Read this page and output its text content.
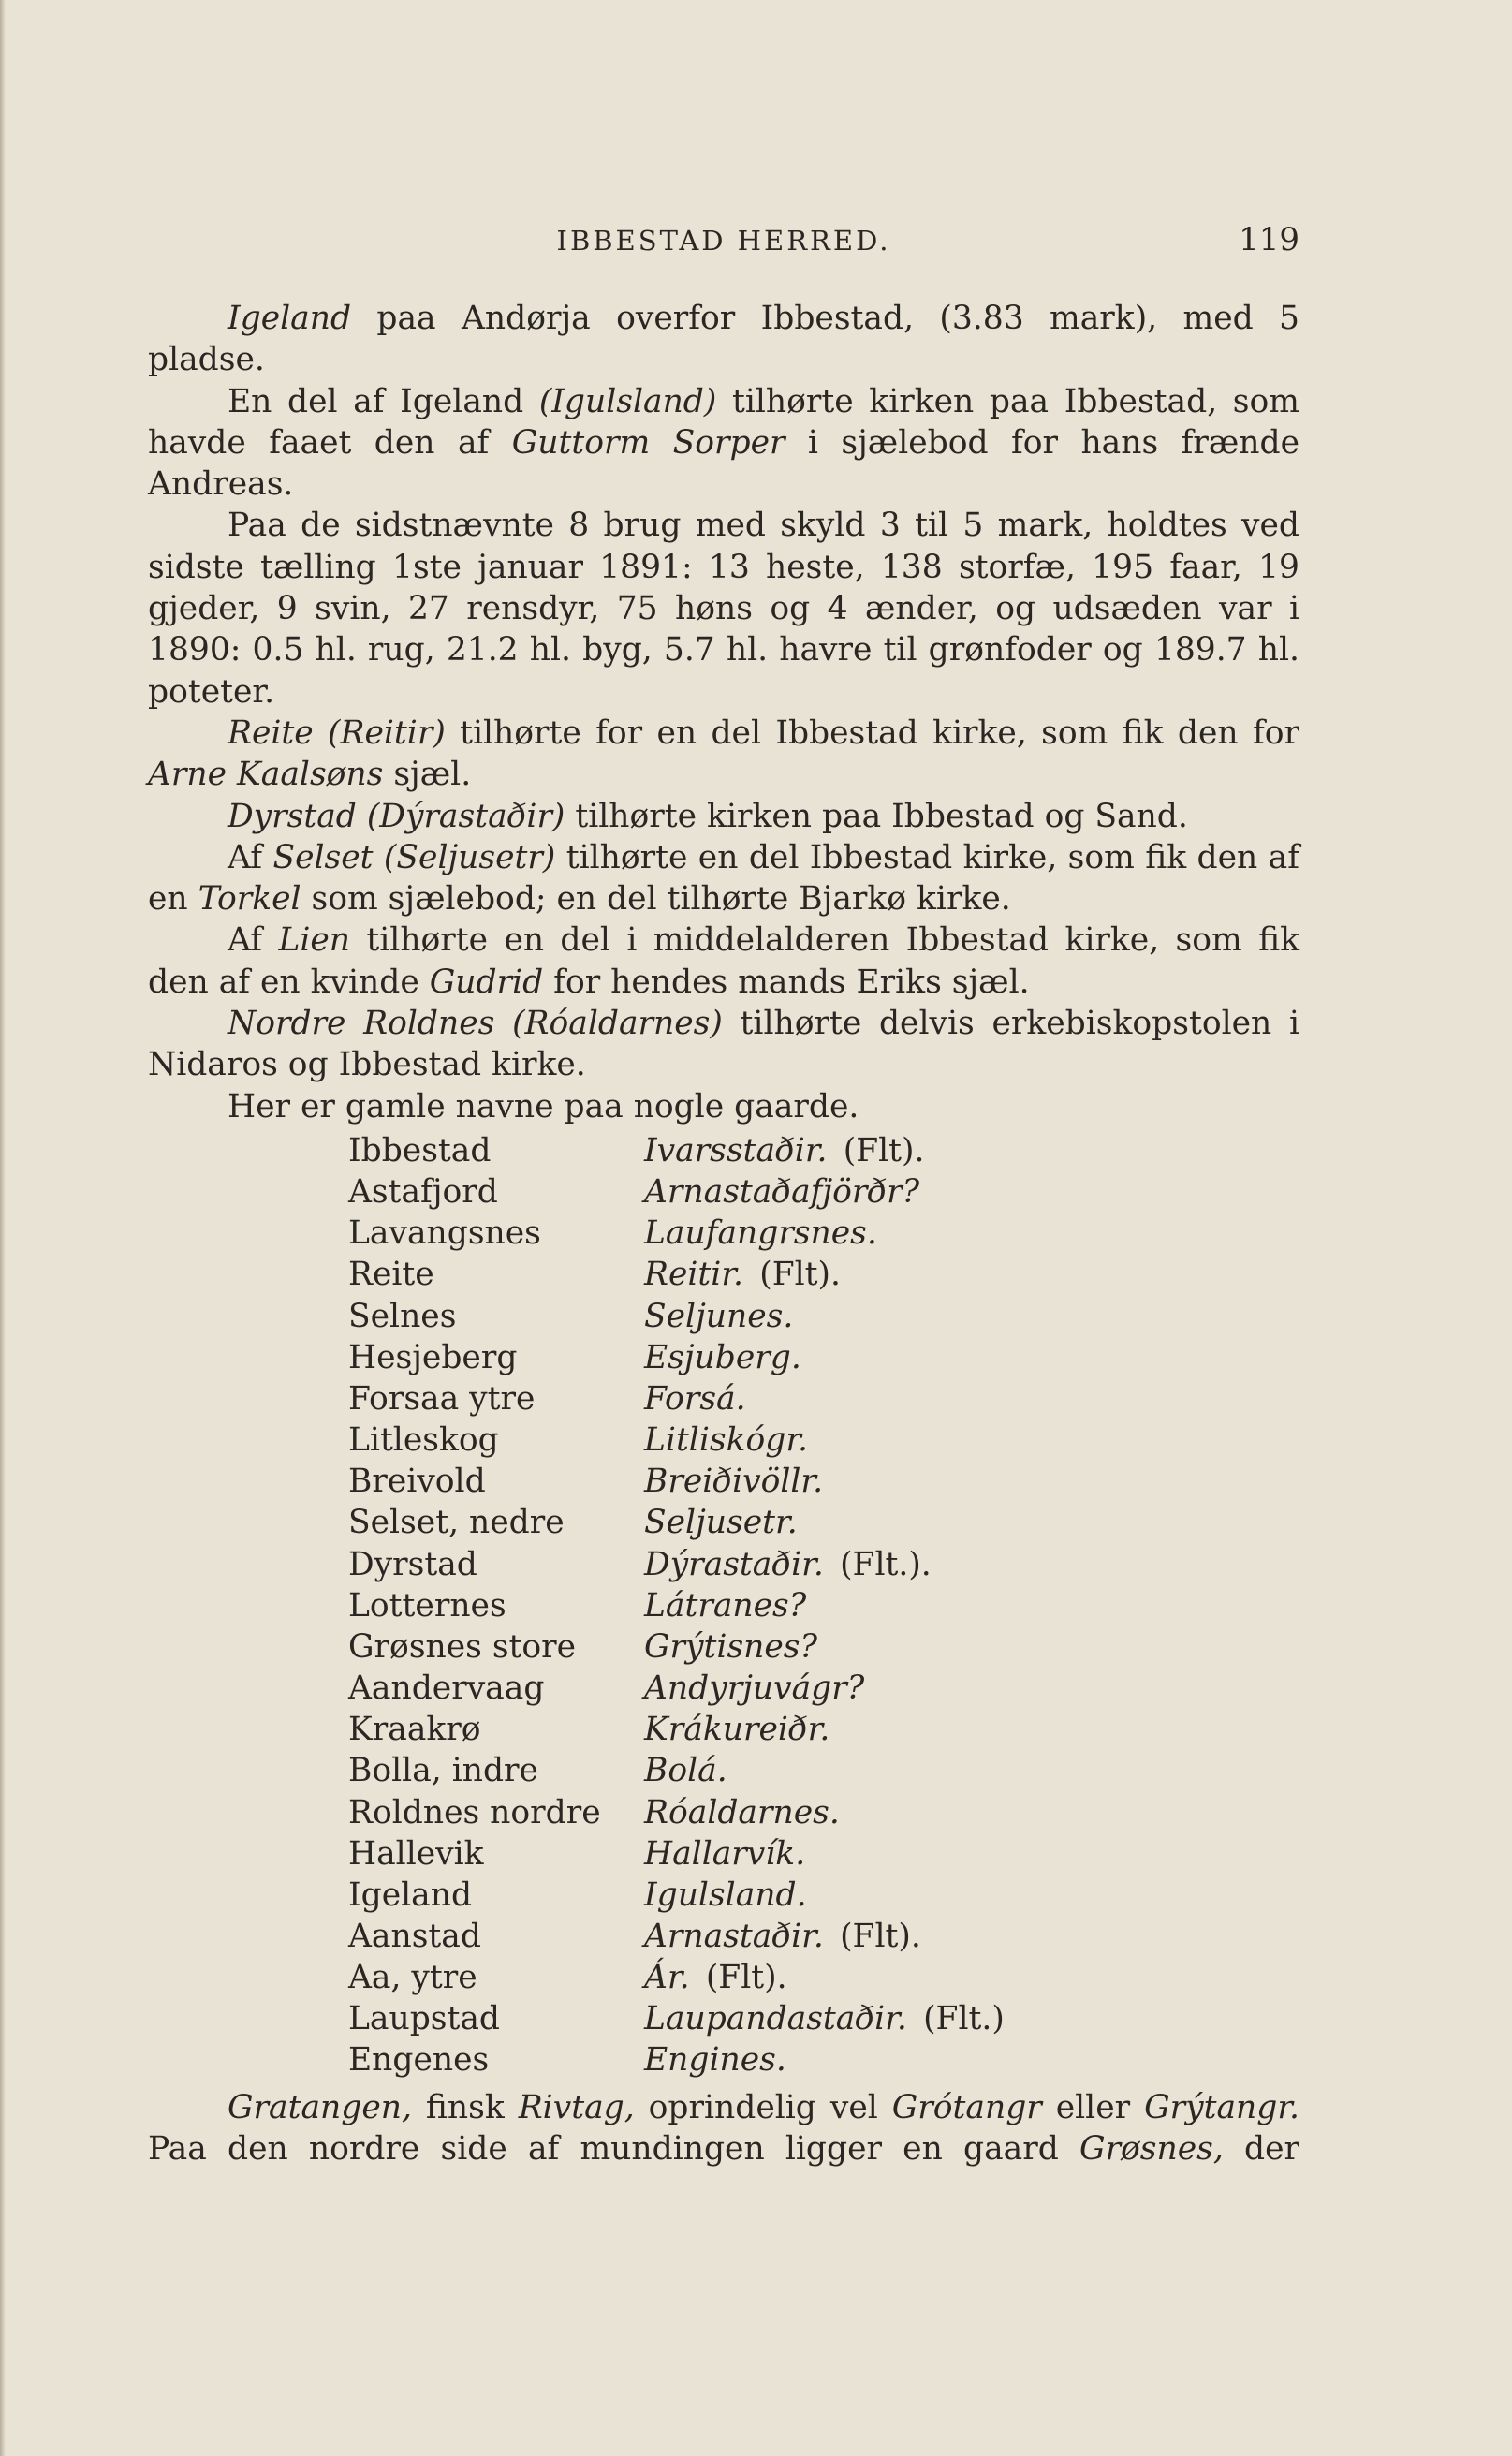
IBBESTAD HERRED.	119

Igeland paa Andørja overfor Ibbestad, (3.83 mark), med 5 pladse.

En del af Igeland (Igulsland) tilhørte kirken paa Ibbestad, som havde faaet den af Guttorm Sorper i sjælebod for hans frænde Andreas.

Paa de sidstnævnte 8 brug med skyld 3 til 5 mark, holdtes ved sidste tælling 1ste januar 1891: 13 heste, 138 storfæ, 195 faar, 19 gjeder, 9 svin, 27 rensdyr, 75 høns og 4 ænder, og udsæden var i 1890: 0.5 hl. rug, 21.2 hl. byg, 5.7 hl. havre til grønfoder og 189.7 hl. poteter.

Reite (Reitir) tilhørte for en del Ibbestad kirke, som fik den for Arne Kaalsøns sjæl.

Dyrstad (Dýrastaðir) tilhørte kirken paa Ibbestad og Sand.

Af Selset (Seljusetr) tilhørte en del Ibbestad kirke, som fik den af en Torkel som sjælebod; en del tilhørte Bjarkø kirke.

Af Lien tilhørte en del i middelalderen Ibbestad kirke, som fik den af en kvinde Gudrid for hendes mands Eriks sjæl.

Nordre Roldnes (Róaldarnes) tilhørte delvis erkebiskopstolen i Nidaros og Ibbestad kirke.

Her er gamle navne paa nogle gaarde.

Ibbestad	Ivarsstaðir. (Flt).
Astafjord	Arnastaðafjörðr?
Lavangsnes	Laufangrsnes.
Reite	Reitir. (Flt).
Selnes	Seljunes.
Hesjeberg	Esjuberg.
Forsaa ytre	Forsá.
Litleskog	Litliskógr.
Breivold	Breiðivöllr.
Selset, nedre	Seljusetr.
Dyrstad	Dýrastaðir. (Flt.).
Lotternes	Látranes?
Grøsnes store	Grýtisnes?
Aandervaag	Andyrjuvágr?
Kraakrø	Krákureiðr.
Bolla, indre	Bolá.
Roldnes nordre	Róaldarnes.
Hallevik	Hallarvík.
Igeland	Igulsland.
Aanstad	Arnastaðir. (Flt).
Aa, ytre	Ár. (Flt).
Laupstad	Laupandastaðir. (Flt.)
Engenes	Engines.

Gratangen, finsk Rivtag, oprindelig vel Grótangr eller Grýtangr.

Paa den nordre side af mundingen ligger en gaard Grøsnes, der
